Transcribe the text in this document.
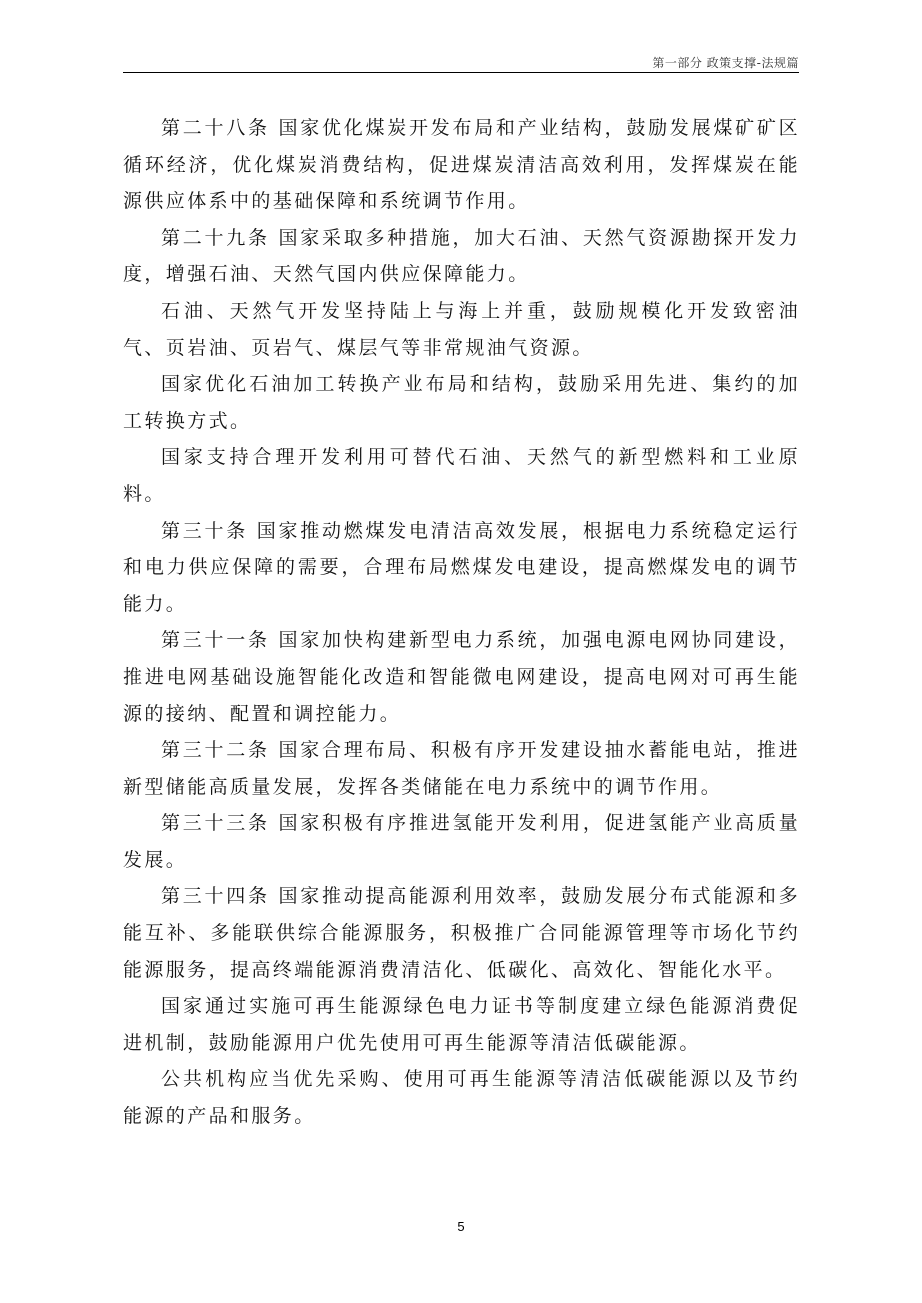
第一部分 政策支撑-法规篇

第二十八条 国家优化煤炭开发布局和产业结构，鼓励发展煤矿矿区循环经济，优化煤炭消费结构，促进煤炭清洁高效利用，发挥煤炭在能源供应体系中的基础保障和系统调节作用。

第二十九条 国家采取多种措施，加大石油、天然气资源勘探开发力度，增强石油、天然气国内供应保障能力。

石油、天然气开发坚持陆上与海上并重，鼓励规模化开发致密油气、页岩油、页岩气、煤层气等非常规油气资源。

国家优化石油加工转换产业布局和结构，鼓励采用先进、集约的加工转换方式。

国家支持合理开发利用可替代石油、天然气的新型燃料和工业原料。

第三十条 国家推动燃煤发电清洁高效发展，根据电力系统稳定运行和电力供应保障的需要，合理布局燃煤发电建设，提高燃煤发电的调节能力。

第三十一条 国家加快构建新型电力系统，加强电源电网协同建设，推进电网基础设施智能化改造和智能微电网建设，提高电网对可再生能源的接纳、配置和调控能力。

第三十二条 国家合理布局、积极有序开发建设抽水蓄能电站，推进新型储能高质量发展，发挥各类储能在电力系统中的调节作用。

第三十三条 国家积极有序推进氢能开发利用，促进氢能产业高质量发展。

第三十四条 国家推动提高能源利用效率，鼓励发展分布式能源和多能互补、多能联供综合能源服务，积极推广合同能源管理等市场化节约能源服务，提高终端能源消费清洁化、低碳化、高效化、智能化水平。

国家通过实施可再生能源绿色电力证书等制度建立绿色能源消费促进机制，鼓励能源用户优先使用可再生能源等清洁低碳能源。

公共机构应当优先采购、使用可再生能源等清洁低碳能源以及节约能源的产品和服务。

5
